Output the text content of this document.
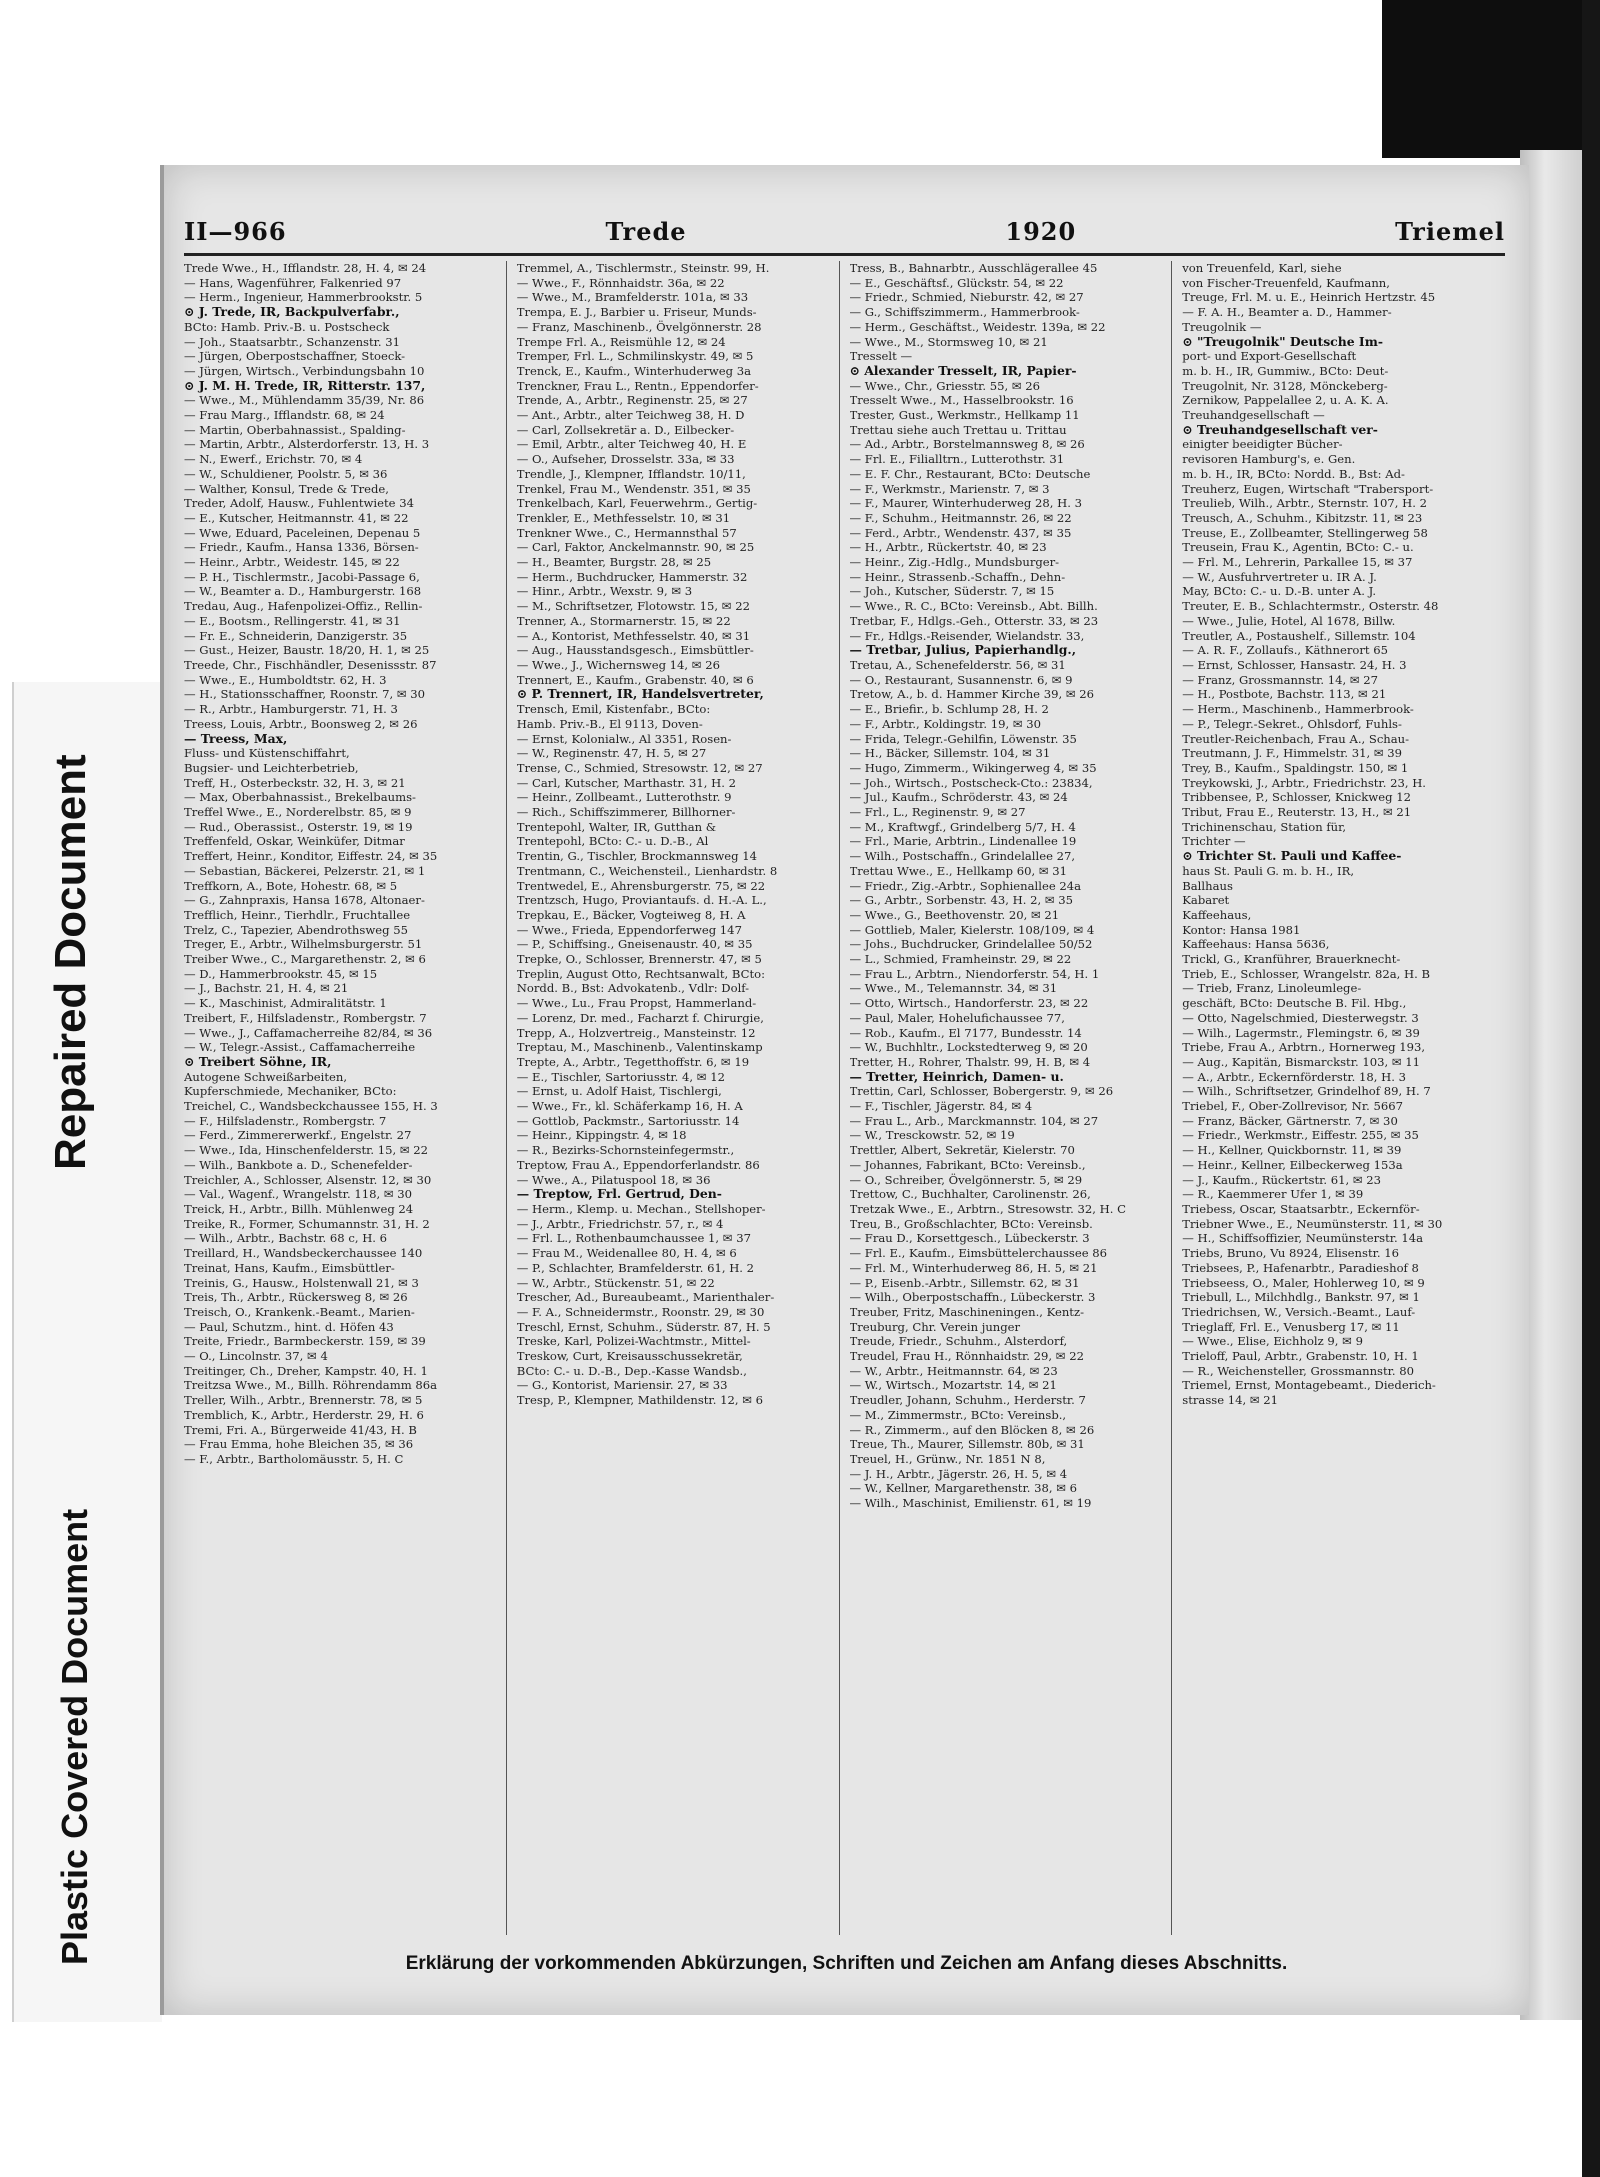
Repaired Document
Plastic Covered Document
II—966	Trede	1920	Triemel
Trede Wwe., H., Ifflandstr. 28, H. 4, ✉ 24
— Hans, Wagenführer, Falkenried 97
— Herm., Ingenieur, Hammerbrookstr. 5
⊙ J. Trede, IR, Backpulverfabr.,
BCto: Hamb. Priv.-B. u. Postscheck
— Joh., Staatsarbtr., Schanzenstr. 31
— Jürgen, Oberpostschaffner, Stoeck-
— Jürgen, Wirtsch., Verbindungsbahn 10
⊙ J. M. H. Trede, IR, Ritterstr. 137,
— Wwe., M., Mühlendamm 35/39, Nr. 86
— Frau Marg., Ifflandstr. 68, ✉ 24
— Martin, Oberbahnassist., Spalding-
— Martin, Arbtr., Alsterdorferstr. 13, H. 3
— N., Ewerf., Erichstr. 70, ✉ 4
— W., Schuldiener, Poolstr. 5, ✉ 36
— Walther, Konsul, Trede & Trede,
Treder, Adolf, Hausw., Fuhlentwiete 34
— E., Kutscher, Heitmannstr. 41, ✉ 22
— Wwe, Eduard, Paceleinen, Depenau 5
— Friedr., Kaufm., Hansa 1336, Börsen-
— Heinr., Arbtr., Weidestr. 145, ✉ 22
— P. H., Tischlermstr., Jacobi-Passage 6,
— W., Beamter a. D., Hamburgerstr. 168
Tredau, Aug., Hafenpolizei-Offiz., Rellin-
— E., Bootsm., Rellingerstr. 41, ✉ 31
— Fr. E., Schneiderin, Danzigerstr. 35
— Gust., Heizer, Baustr. 18/20, H. 1, ✉ 25
Treede, Chr., Fischhändler, Desenissstr. 87
— Wwe., E., Humboldtstr. 62, H. 3
— H., Stationsschaffner, Roonstr. 7, ✉ 30
— R., Arbtr., Hamburgerstr. 71, H. 3
Treess, Louis, Arbtr., Boonsweg 2, ✉ 26
— Treess, Max,
Fluss- und Küstenschiffahrt,
Bugsier- und Leichterbetrieb,
Treff, H., Osterbeckstr. 32, H. 3, ✉ 21
— Max, Oberbahnassist., Brekelbaums-
Treffel Wwe., E., Norderelbstr. 85, ✉ 9
— Rud., Oberassist., Osterstr. 19, ✉ 19
Treffenfeld, Oskar, Weinküfer, Ditmar
Treffert, Heinr., Konditor, Eiffestr. 24, ✉ 35
— Sebastian, Bäckerei, Pelzerstr. 21, ✉ 1
Treffkorn, A., Bote, Hohestr. 68, ✉ 5
— G., Zahnpraxis, Hansa 1678, Altonaer-
Trefflich, Heinr., Tierhdlr., Fruchtallee
Trelz, C., Tapezier, Abendrothsweg 55
Treger, E., Arbtr., Wilhelmsburgerstr. 51
Treiber Wwe., C., Margarethenstr. 2, ✉ 6
— D., Hammerbrookstr. 45, ✉ 15
— J., Bachstr. 21, H. 4, ✉ 21
— K., Maschinist, Admiralitätstr. 1
Treibert, F., Hilfsladenstr., Rombergstr. 7
— Wwe., J., Caffamacherreihe 82/84, ✉ 36
— W., Telegr.-Assist., Caffamacherreihe
⊙ Treibert Söhne, IR,
Autogene Schweißarbeiten,
Kupferschmiede, Mechaniker, BCto:
Treichel, C., Wandsbeckchaussee 155, H. 3
— F., Hilfsladenstr., Rombergstr. 7
— Ferd., Zimmererwerkf., Engelstr. 27
— Wwe., Ida, Hinschenfelderstr. 15, ✉ 22
— Wilh., Bankbote a. D., Schenefelder-
Treichler, A., Schlosser, Alsenstr. 12, ✉ 30
— Val., Wagenf., Wrangelstr. 118, ✉ 30
Treick, H., Arbtr., Billh. Mühlenweg 24
Treike, R., Former, Schumannstr. 31, H. 2
— Wilh., Arbtr., Bachstr. 68 c, H. 6
Treillard, H., Wandsbeckerchaussee 140
Treinat, Hans, Kaufm., Eimsbüttler-
Treinis, G., Hausw., Holstenwall 21, ✉ 3
Treis, Th., Arbtr., Rückersweg 8, ✉ 26
Treisch, O., Krankenk.-Beamt., Marien-
— Paul, Schutzm., hint. d. Höfen 43
Treite, Friedr., Barmbeckerstr. 159, ✉ 39
— O., Lincolnstr. 37, ✉ 4
Treitinger, Ch., Dreher, Kampstr. 40, H. 1
Treitzsa Wwe., M., Billh. Röhrendamm 86a
Treller, Wilh., Arbtr., Brennerstr. 78, ✉ 5
Tremblich, K., Arbtr., Herderstr. 29, H. 6
Tremi, Fri. A., Bürgerweide 41/43, H. B
— Frau Emma, hohe Bleichen 35, ✉ 36
— F., Arbtr., Bartholomäusstr. 5, H. C
Tremmel, A., Tischlermstr., Steinstr. 99, H.
— Wwe., F., Rönnhaidstr. 36a, ✉ 22
— Wwe., M., Bramfelderstr. 101a, ✉ 33
Trempa, E. J., Barbier u. Friseur, Munds-
— Franz, Maschinenb., Övelgönnerstr. 28
Trempe Frl. A., Reismühle 12, ✉ 24
Tremper, Frl. L., Schmilinskystr. 49, ✉ 5
Trenck, E., Kaufm., Winterhuderweg 3a
Trenckner, Frau L., Rentn., Eppendorfer-
Trende, A., Arbtr., Reginenstr. 25, ✉ 27
— Ant., Arbtr., alter Teichweg 38, H. D
— Carl, Zollsekretär a. D., Eilbecker-
— Emil, Arbtr., alter Teichweg 40, H. E
— O., Aufseher, Drosselstr. 33a, ✉ 33
Trendle, J., Klempner, Ifflandstr. 10/11,
Trenkel, Frau M., Wendenstr. 351, ✉ 35
Trenkelbach, Karl, Feuerwehrm., Gertig-
Trenkler, E., Methfesselstr. 10, ✉ 31
Trenkner Wwe., C., Hermannsthal 57
— Carl, Faktor, Anckelmannstr. 90, ✉ 25
— H., Beamter, Burgstr. 28, ✉ 25
— Herm., Buchdrucker, Hammerstr. 32
— Hinr., Arbtr., Wexstr. 9, ✉ 3
— M., Schriftsetzer, Flotowstr. 15, ✉ 22
Trenner, A., Stormarnerstr. 15, ✉ 22
— A., Kontorist, Methfesselstr. 40, ✉ 31
— Aug., Hausstandsgesch., Eimsbüttler-
— Wwe., J., Wichernsweg 14, ✉ 26
Trennert, E., Kaufm., Grabenstr. 40, ✉ 6
⊙ P. Trennert, IR, Handelsvertreter,
Trensch, Emil, Kistenfabr., BCto:
Hamb. Priv.-B., El 9113, Doven-
— Ernst, Kolonialw., Al 3351, Rosen-
— W., Reginenstr. 47, H. 5, ✉ 27
Trense, C., Schmied, Stresowstr. 12, ✉ 27
— Carl, Kutscher, Marthastr. 31, H. 2
— Heinr., Zollbeamt., Lutterothstr. 9
— Rich., Schiffszimmerer, Billhorner-
Trentepohl, Walter, IR, Gutthan &
Trentepohl, BCto: C.- u. D.-B., Al
Trentin, G., Tischler, Brockmannsweg 14
Trentmann, C., Weichensteil., Lienhardstr. 8
Trentwedel, E., Ahrensburgerstr. 75, ✉ 22
Trentzsch, Hugo, Proviantaufs. d. H.-A. L.,
Trepkau, E., Bäcker, Vogteiweg 8, H. A
— Wwe., Frieda, Eppendorferweg 147
— P., Schiffsing., Gneisenaustr. 40, ✉ 35
Trepke, O., Schlosser, Brennerstr. 47, ✉ 5
Treplin, August Otto, Rechtsanwalt, BCto:
Nordd. B., Bst: Advokatenb., Vdlr: Dolf-
— Wwe., Lu., Frau Propst, Hammerland-
— Lorenz, Dr. med., Facharzt f. Chirurgie,
Trepp, A., Holzvertreig., Mansteinstr. 12
Treptau, M., Maschinenb., Valentinskamp
Trepte, A., Arbtr., Tegetthoffstr. 6, ✉ 19
— E., Tischler, Sartoriusstr. 4, ✉ 12
— Ernst, u. Adolf Haist, Tischlergi,
— Wwe., Fr., kl. Schäferkamp 16, H. A
— Gottlob, Packmstr., Sartoriusstr. 14
— Heinr., Kippingstr. 4, ✉ 18
— R., Bezirks-Schornsteinfegermstr.,
Treptow, Frau A., Eppendorferlandstr. 86
— Wwe., A., Pilatuspool 18, ✉ 36
— Treptow, Frl. Gertrud, Den-
— Herm., Klemp. u. Mechan., Stellshoper-
— J., Arbtr., Friedrichstr. 57, r., ✉ 4
— Frl. L., Rothenbaumchaussee 1, ✉ 37
— Frau M., Weidenallee 80, H. 4, ✉ 6
— P., Schlachter, Bramfelderstr. 61, H. 2
— W., Arbtr., Stückenstr. 51, ✉ 22
Trescher, Ad., Bureaubeamt., Marienthaler-
— F. A., Schneidermstr., Roonstr. 29, ✉ 30
Treschl, Ernst, Schuhm., Süderstr. 87, H. 5
Treske, Karl, Polizei-Wachtmstr., Mittel-
Treskow, Curt, Kreisausschussekretär,
BCto: C.- u. D.-B., Dep.-Kasse Wandsb.,
— G., Kontorist, Mariensir. 27, ✉ 33
Tresp, P., Klempner, Mathildenstr. 12, ✉ 6
Tress, B., Bahnarbtr., Ausschlägerallee 45
— E., Geschäftsf., Glückstr. 54, ✉ 22
— Friedr., Schmied, Nieburstr. 42, ✉ 27
— G., Schiffszimmerm., Hammerbrook-
— Herm., Geschäftst., Weidestr. 139a, ✉ 22
— Wwe., M., Stormsweg 10, ✉ 21
Tresselt —
⊙ Alexander Tresselt, IR, Papier-
— Wwe., Chr., Griesstr. 55, ✉ 26
Tresselt Wwe., M., Hasselbrookstr. 16
Trester, Gust., Werkmstr., Hellkamp 11
Trettau siehe auch Trettau u. Trittau
— Ad., Arbtr., Borstelmannsweg 8, ✉ 26
— Frl. E., Filialltrn., Lutterothstr. 31
— E. F. Chr., Restaurant, BCto: Deutsche
— F., Werkmstr., Marienstr. 7, ✉ 3
— F., Maurer, Winterhuderweg 28, H. 3
— F., Schuhm., Heitmannstr. 26, ✉ 22
— Ferd., Arbtr., Wendenstr. 437, ✉ 35
— H., Arbtr., Rückertstr. 40, ✉ 23
— Heinr., Zig.-Hdlg., Mundsburger-
— Heinr., Strassenb.-Schaffn., Dehn-
— Joh., Kutscher, Süderstr. 7, ✉ 15
— Wwe., R. C., BCto: Vereinsb., Abt. Billh.
Tretbar, F., Hdlgs.-Geh., Otterstr. 33, ✉ 23
— Fr., Hdlgs.-Reisender, Wielandstr. 33,
— Tretbar, Julius, Papierhandlg.,
Tretau, A., Schenefelderstr. 56, ✉ 31
— O., Restaurant, Susannenstr. 6, ✉ 9
Tretow, A., b. d. Hammer Kirche 39, ✉ 26
— E., Briefir., b. Schlump 28, H. 2
— F., Arbtr., Koldingstr. 19, ✉ 30
— Frida, Telegr.-Gehilfin, Löwenstr. 35
— H., Bäcker, Sillemstr. 104, ✉ 31
— Hugo, Zimmerm., Wikingerweg 4, ✉ 35
— Joh., Wirtsch., Postscheck-Cto.: 23834,
— Jul., Kaufm., Schröderstr. 43, ✉ 24
— Frl., L., Reginenstr. 9, ✉ 27
— M., Kraftwgf., Grindelberg 5/7, H. 4
— Frl., Marie, Arbtrin., Lindenallee 19
— Wilh., Postschaffn., Grindelallee 27,
Trettau Wwe., E., Hellkamp 60, ✉ 31
— Friedr., Zig.-Arbtr., Sophienallee 24a
— G., Arbtr., Sorbenstr. 43, H. 2, ✉ 35
— Wwe., G., Beethovenstr. 20, ✉ 21
— Gottlieb, Maler, Kielerstr. 108/109, ✉ 4
— Johs., Buchdrucker, Grindelallee 50/52
— L., Schmied, Framheinstr. 29, ✉ 22
— Frau L., Arbtrn., Niendorferstr. 54, H. 1
— Wwe., M., Telemannstr. 34, ✉ 31
— Otto, Wirtsch., Handorferstr. 23, ✉ 22
— Paul, Maler, Hohelufichaussee 77,
— Rob., Kaufm., El 7177, Bundesstr. 14
— W., Buchhltr., Lockstedterweg 9, ✉ 20
Tretter, H., Rohrer, Thalstr. 99, H. B, ✉ 4
— Tretter, Heinrich, Damen- u.
Trettin, Carl, Schlosser, Bobergerstr. 9, ✉ 26
— F., Tischler, Jägerstr. 84, ✉ 4
— Frau L., Arb., Marckmannstr. 104, ✉ 27
— W., Tresckowstr. 52, ✉ 19
Trettler, Albert, Sekretär, Kielerstr. 70
— Johannes, Fabrikant, BCto: Vereinsb.,
— O., Schreiber, Övelgönnerstr. 5, ✉ 29
Trettow, C., Buchhalter, Carolinenstr. 26,
Tretzak Wwe., E., Arbtrn., Stresowstr. 32, H. C
Treu, B., Großschlachter, BCto: Vereinsb.
— Frau D., Korsettgesch., Lübeckerstr. 3
— Frl. E., Kaufm., Eimsbüttelerchaussee 86
— Frl. M., Winterhuderweg 86, H. 5, ✉ 21
— P., Eisenb.-Arbtr., Sillemstr. 62, ✉ 31
— Wilh., Oberpostschaffn., Lübeckerstr. 3
Treuber, Fritz, Maschineningen., Kentz-
Treuburg, Chr. Verein junger
Treude, Friedr., Schuhm., Alsterdorf,
Treudel, Frau H., Rönnhaidstr. 29, ✉ 22
— W., Arbtr., Heitmannstr. 64, ✉ 23
— W., Wirtsch., Mozartstr. 14, ✉ 21
Treudler, Johann, Schuhm., Herderstr. 7
— M., Zimmermstr., BCto: Vereinsb.,
— R., Zimmerm., auf den Blöcken 8, ✉ 26
Treue, Th., Maurer, Sillemstr. 80b, ✉ 31
Treuel, H., Grünw., Nr. 1851 N 8,
— J. H., Arbtr., Jägerstr. 26, H. 5, ✉ 4
— W., Kellner, Margarethenstr. 38, ✉ 6
— Wilh., Maschinist, Emilienstr. 61, ✉ 19
von Treuenfeld, Karl, siehe
von Fischer-Treuenfeld, Kaufmann,
Treuge, Frl. M. u. E., Heinrich Hertzstr. 45
— F. A. H., Beamter a. D., Hammer-
Treugolnik —
⊙ "Treugolnik" Deutsche Im-
port- und Export-Gesellschaft
m. b. H., IR, Gummiw., BCto: Deut-
Treugolnit, Nr. 3128, Mönckeberg-
Zernikow, Pappelallee 2, u. A. K. A.
Treuhandgesellschaft —
⊙ Treuhandgesellschaft ver-
einigter beeidigter Bücher-
revisoren Hamburg's, e. Gen.
m. b. H., IR, BCto: Nordd. B., Bst: Ad-
Treuherz, Eugen, Wirtschaft "Trabersport-
Treulieb, Wilh., Arbtr., Sternstr. 107, H. 2
Treusch, A., Schuhm., Kibitzstr. 11, ✉ 23
Treuse, E., Zollbeamter, Stellingerweg 58
Treusein, Frau K., Agentin, BCto: C.- u.
— Frl. M., Lehrerin, Parkallee 15, ✉ 37
— W., Ausfuhrvertreter u. IR A. J.
May, BCto: C.- u. D.-B. unter A. J.
Treuter, E. B., Schlachtermstr., Osterstr. 48
— Wwe., Julie, Hotel, Al 1678, Billw.
Treutler, A., Postaushelf., Sillemstr. 104
— A. R. F., Zollaufs., Käthnerort 65
— Ernst, Schlosser, Hansastr. 24, H. 3
— Franz, Grossmannstr. 14, ✉ 27
— H., Postbote, Bachstr. 113, ✉ 21
— Herm., Maschinenb., Hammerbrook-
— P., Telegr.-Sekret., Ohlsdorf, Fuhls-
Treutler-Reichenbach, Frau A., Schau-
Treutmann, J. F., Himmelstr. 31, ✉ 39
Trey, B., Kaufm., Spaldingstr. 150, ✉ 1
Treykowski, J., Arbtr., Friedrichstr. 23, H.
Tribbensee, P., Schlosser, Knickweg 12
Tribut, Frau E., Reuterstr. 13, H., ✉ 21
Trichinenschau, Station für,
Trichter —
⊙ Trichter St. Pauli und Kaffee-
haus St. Pauli G. m. b. H., IR,
Ballhaus
Kabaret
Kaffeehaus,
Kontor: Hansa 1981
Kaffeehaus: Hansa 5636,
Trickl, G., Kranführer, Brauerknecht-
Trieb, E., Schlosser, Wrangelstr. 82a, H. B
— Trieb, Franz, Linoleumlege-
geschäft, BCto: Deutsche B. Fil. Hbg.,
— Otto, Nagelschmied, Diesterwegstr. 3
— Wilh., Lagermstr., Flemingstr. 6, ✉ 39
Triebe, Frau A., Arbtrn., Hornerweg 193,
— Aug., Kapitän, Bismarckstr. 103, ✉ 11
— A., Arbtr., Eckernförderstr. 18, H. 3
— Wilh., Schriftsetzer, Grindelhof 89, H. 7
Triebel, F., Ober-Zollrevisor, Nr. 5667
— Franz, Bäcker, Gärtnerstr. 7, ✉ 30
— Friedr., Werkmstr., Eiffestr. 255, ✉ 35
— H., Kellner, Quickbornstr. 11, ✉ 39
— Heinr., Kellner, Eilbeckerweg 153a
— J., Kaufm., Rückertstr. 61, ✉ 23
— R., Kaemmerer Ufer 1, ✉ 39
Triebess, Oscar, Staatsarbtr., Eckernför-
Triebner Wwe., E., Neumünsterstr. 11, ✉ 30
— H., Schiffsoffizier, Neumünsterstr. 14a
Triebs, Bruno, Vu 8924, Elisenstr. 16
Triebsees, P., Hafenarbtr., Paradieshof 8
Triebseess, O., Maler, Hohlerweg 10, ✉ 9
Triebull, L., Milchhdlg., Bankstr. 97, ✉ 1
Triedrichsen, W., Versich.-Beamt., Lauf-
Trieglaff, Frl. E., Venusberg 17, ✉ 11
— Wwe., Elise, Eichholz 9, ✉ 9
Trieloff, Paul, Arbtr., Grabenstr. 10, H. 1
— R., Weichensteller, Grossmannstr. 80
Triemel, Ernst, Montagebeamt., Diederich-
strasse 14, ✉ 21
Erklärung der vorkommenden Abkürzungen, Schriften und Zeichen am Anfang dieses Abschnitts.
